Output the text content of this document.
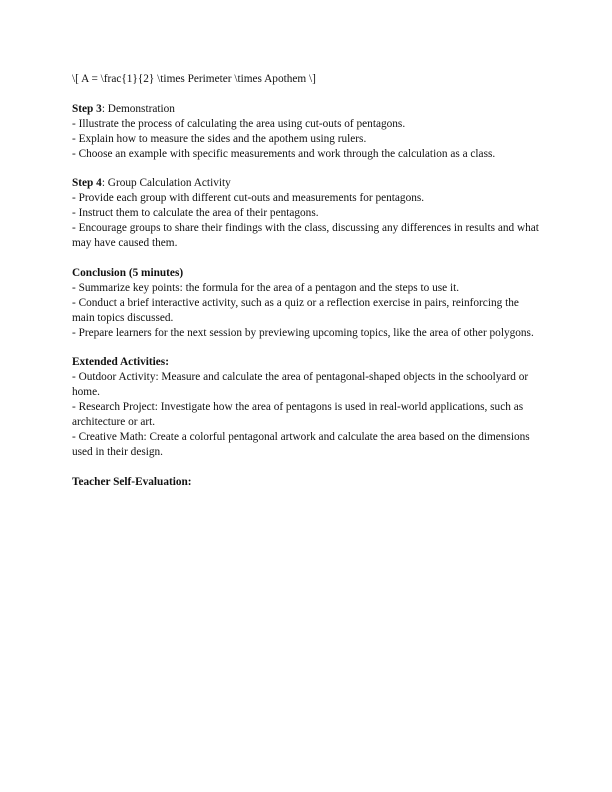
\[ A = \frac{1}{2} \times Perimeter \times Apothem \]

Step 3: Demonstration

- Illustrate the process of calculating the area using cut-outs of pentagons.

- Explain how to measure the sides and the apothem using rulers.

- Choose an example with specific measurements and work through the calculation as a class.

Step 4: Group Calculation Activity

- Provide each group with different cut-outs and measurements for pentagons.

- Instruct them to calculate the area of their pentagons.

- Encourage groups to share their findings with the class, discussing any differences in results and what may have caused them.

Conclusion (5 minutes)

- Summarize key points: the formula for the area of a pentagon and the steps to use it.

- Conduct a brief interactive activity, such as a quiz or a reflection exercise in pairs, reinforcing the main topics discussed.

- Prepare learners for the next session by previewing upcoming topics, like the area of other polygons.

Extended Activities:

- Outdoor Activity: Measure and calculate the area of pentagonal-shaped objects in the schoolyard or home.

- Research Project: Investigate how the area of pentagons is used in real-world applications, such as architecture or art.

- Creative Math: Create a colorful pentagonal artwork and calculate the area based on the dimensions used in their design.

Teacher Self-Evaluation:
